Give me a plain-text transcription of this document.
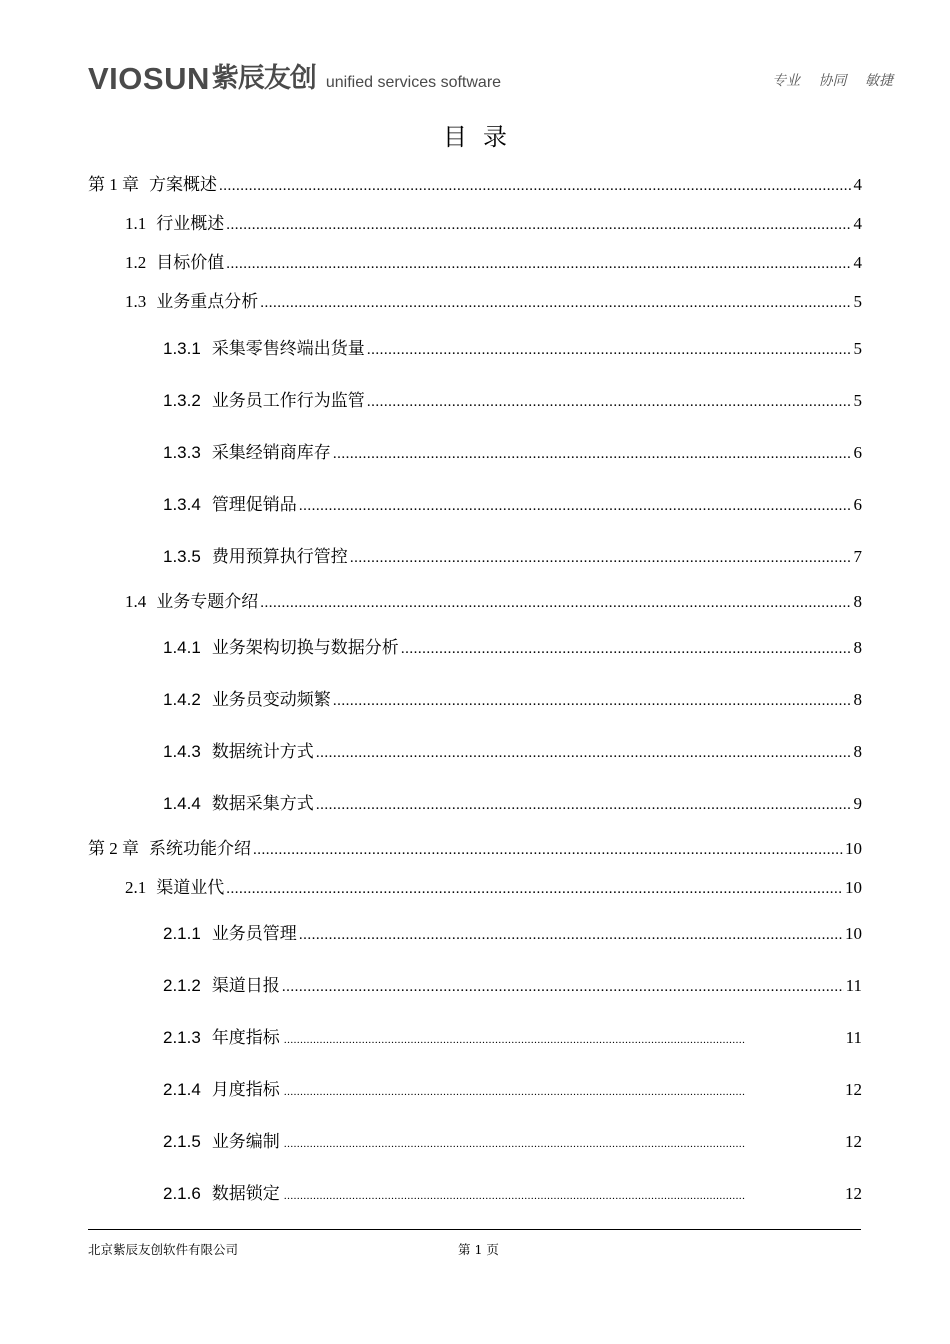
VIOSUN 紫辰友创 unified services software	专业 协同 敏捷
目录
第 1 章 方案概述 .....	4
1.1 行业概述 .....	4
1.2 目标价值 .....	4
1.3 业务重点分析 .....	5
1.3.1 采集零售终端出货量 .....	5
1.3.2 业务员工作行为监管 .....	5
1.3.3 采集经销商库存 .....	6
1.3.4 管理促销品 .....	6
1.3.5 费用预算执行管控 .....	7
1.4 业务专题介绍 .....	8
1.4.1 业务架构切换与数据分析 .....	8
1.4.2 业务员变动频繁 .....	8
1.4.3 数据统计方式 .....	8
1.4.4 数据采集方式 .....	9
第 2 章 系统功能介绍 .....	10
2.1 渠道业代 .....	10
2.1.1 业务员管理 .....	10
2.1.2 渠道日报 .....	11
2.1.3 年度指标 .....	11
2.1.4 月度指标 .....	12
2.1.5 业务编制 .....	12
2.1.6 数据锁定 .....	12
北京紫辰友创软件有限公司	第 1 页
